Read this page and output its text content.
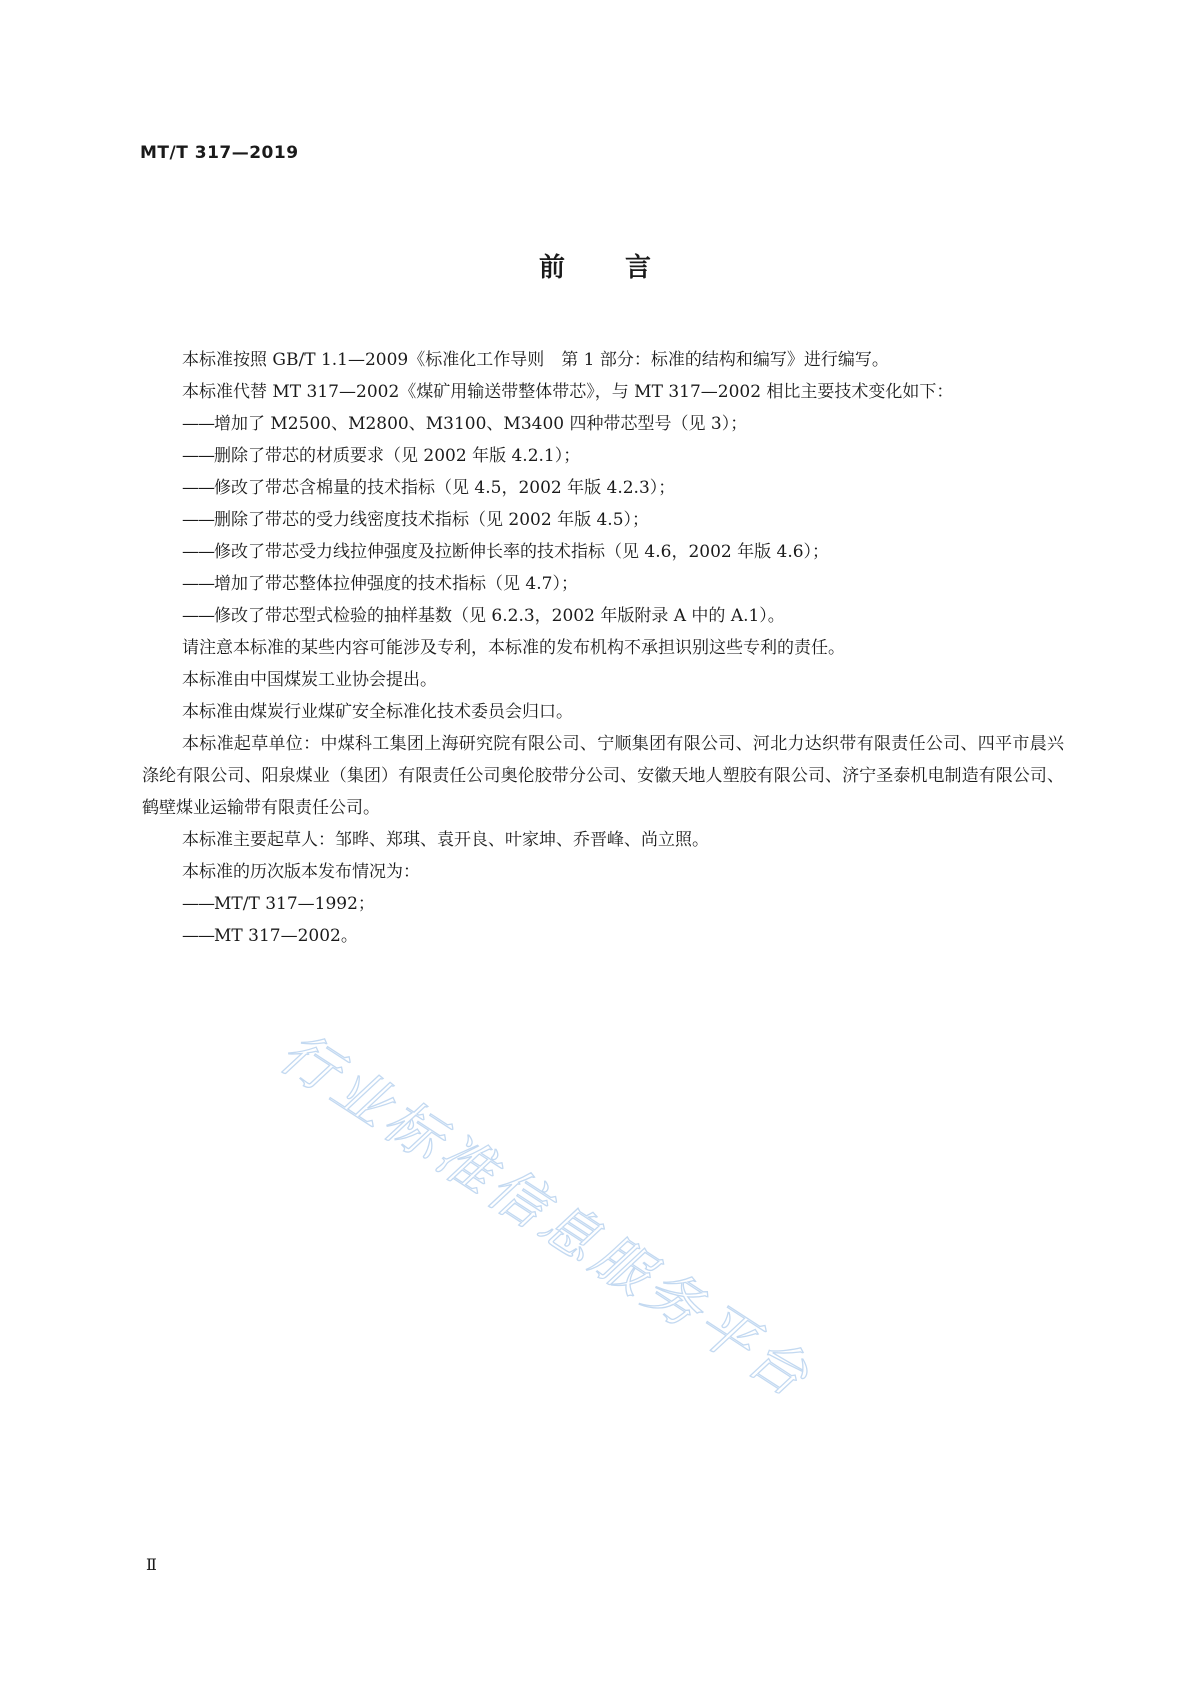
MT/T 317—2019
前言

本标准按照 GB/T 1.1—2009《标准化工作导则　第 1 部分：标准的结构和编写》进行编写。

本标准代替 MT 317—2002《煤矿用输送带整体带芯》，与 MT 317—2002 相比主要技术变化如下：

——增加了 M2500、M2800、M3100、M3400 四种带芯型号（见 3）；

——删除了带芯的材质要求（见 2002 年版 4.2.1）；

——修改了带芯含棉量的技术指标（见 4.5，2002 年版 4.2.3）；

——删除了带芯的受力线密度技术指标（见 2002 年版 4.5）；

——修改了带芯受力线拉伸强度及拉断伸长率的技术指标（见 4.6，2002 年版 4.6）；

——增加了带芯整体拉伸强度的技术指标（见 4.7）；

——修改了带芯型式检验的抽样基数（见 6.2.3，2002 年版附录 A 中的 A.1）。

请注意本标准的某些内容可能涉及专利，本标准的发布机构不承担识别这些专利的责任。

本标准由中国煤炭工业协会提出。

本标准由煤炭行业煤矿安全标准化技术委员会归口。

本标准起草单位：中煤科工集团上海研究院有限公司、宁顺集团有限公司、河北力达织带有限责任公司、四平市晨兴涤纶有限公司、阳泉煤业（集团）有限责任公司奥伦胶带分公司、安徽天地人塑胶有限公司、济宁圣泰机电制造有限公司、鹤壁煤业运输带有限责任公司。

本标准主要起草人：邹晔、郑琪、袁开良、叶家坤、乔晋峰、尚立照。

本标准的历次版本发布情况为：

——MT/T 317—1992；

——MT 317—2002。

行业标准信息服务平台
Ⅱ
